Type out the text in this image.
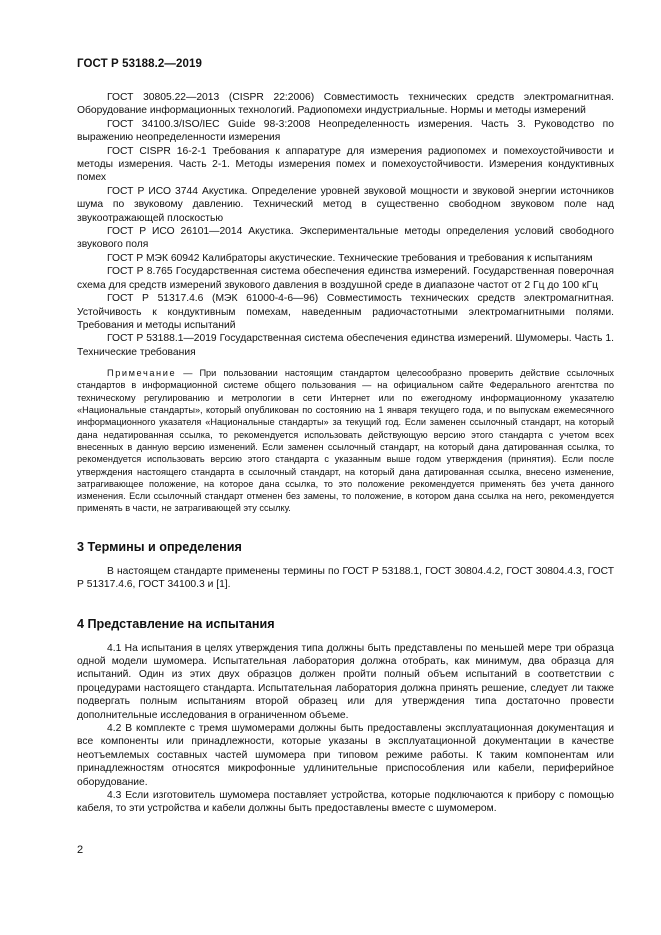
ГОСТ Р 53188.2—2019

ГОСТ 30805.22—2013 (CISPR 22:2006) Совместимость технических средств электромагнитная. Оборудование информационных технологий. Радиопомехи индустриальные. Нормы и методы измерений

ГОСТ 34100.3/ISO/IEC Guide 98-3:2008 Неопределенность измерения. Часть 3. Руководство по выражению неопределенности измерения

ГОСТ CISPR 16-2-1 Требования к аппаратуре для измерения радиопомех и помехоустойчивости и методы измерения. Часть 2-1. Методы измерения помех и помехоустойчивости. Измерения кондуктивных помех

ГОСТ Р ИСО 3744 Акустика. Определение уровней звуковой мощности и звуковой энергии источников шума по звуковому давлению. Технический метод в существенно свободном звуковом поле над звукоотражающей плоскостью

ГОСТ Р ИСО 26101—2014 Акустика. Экспериментальные методы определения условий свободного звукового поля

ГОСТ Р МЭК 60942 Калибраторы акустические. Технические требования и требования к испытаниям

ГОСТ Р 8.765 Государственная система обеспечения единства измерений. Государственная поверочная схема для средств измерений звукового давления в воздушной среде в диапазоне частот от 2 Гц до 100 кГц

ГОСТ Р 51317.4.6 (МЭК 61000-4-6—96) Совместимость технических средств электромагнитная. Устойчивость к кондуктивным помехам, наведенным радиочастотными электромагнитными полями. Требования и методы испытаний

ГОСТ Р 53188.1—2019 Государственная система обеспечения единства измерений. Шумомеры. Часть 1. Технические требования

Примечание — При пользовании настоящим стандартом целесообразно проверить действие ссылочных стандартов в информационной системе общего пользования — на официальном сайте Федерального агентства по техническому регулированию и метрологии в сети Интернет или по ежегодному информационному указателю «Национальные стандарты», который опубликован по состоянию на 1 января текущего года, и по выпускам ежемесячного информационного указателя «Национальные стандарты» за текущий год. Если заменен ссылочный стандарт, на который дана недатированная ссылка, то рекомендуется использовать действующую версию этого стандарта с учетом всех внесенных в данную версию изменений. Если заменен ссылочный стандарт, на который дана датированная ссылка, то рекомендуется использовать версию этого стандарта с указанным выше годом утверждения (принятия). Если после утверждения настоящего стандарта в ссылочный стандарт, на который дана датированная ссылка, внесено изменение, затрагивающее положение, на которое дана ссылка, то это положение рекомендуется применять без учета данного изменения. Если ссылочный стандарт отменен без замены, то положение, в котором дана ссылка на него, рекомендуется применять в части, не затрагивающей эту ссылку.

3 Термины и определения

В настоящем стандарте применены термины по ГОСТ Р 53188.1, ГОСТ 30804.4.2, ГОСТ 30804.4.3, ГОСТ Р 51317.4.6, ГОСТ 34100.3 и [1].

4 Представление на испытания

4.1 На испытания в целях утверждения типа должны быть представлены по меньшей мере три образца одной модели шумомера. Испытательная лаборатория должна отобрать, как минимум, два образца для испытаний. Один из этих двух образцов должен пройти полный объем испытаний в соответствии с процедурами настоящего стандарта. Испытательная лаборатория должна принять решение, следует ли также подвергать полным испытаниям второй образец или для утверждения типа достаточно провести дополнительные исследования в ограниченном объеме.

4.2 В комплекте с тремя шумомерами должны быть предоставлены эксплуатационная документация и все компоненты или принадлежности, которые указаны в эксплуатационной документации в качестве неотъемлемых составных частей шумомера при типовом режиме работы. К таким компонентам или принадлежностям относятся микрофонные удлинительные приспособления или кабели, периферийное оборудование.

4.3 Если изготовитель шумомера поставляет устройства, которые подключаются к прибору с помощью кабеля, то эти устройства и кабели должны быть предоставлены вместе с шумомером.

2
